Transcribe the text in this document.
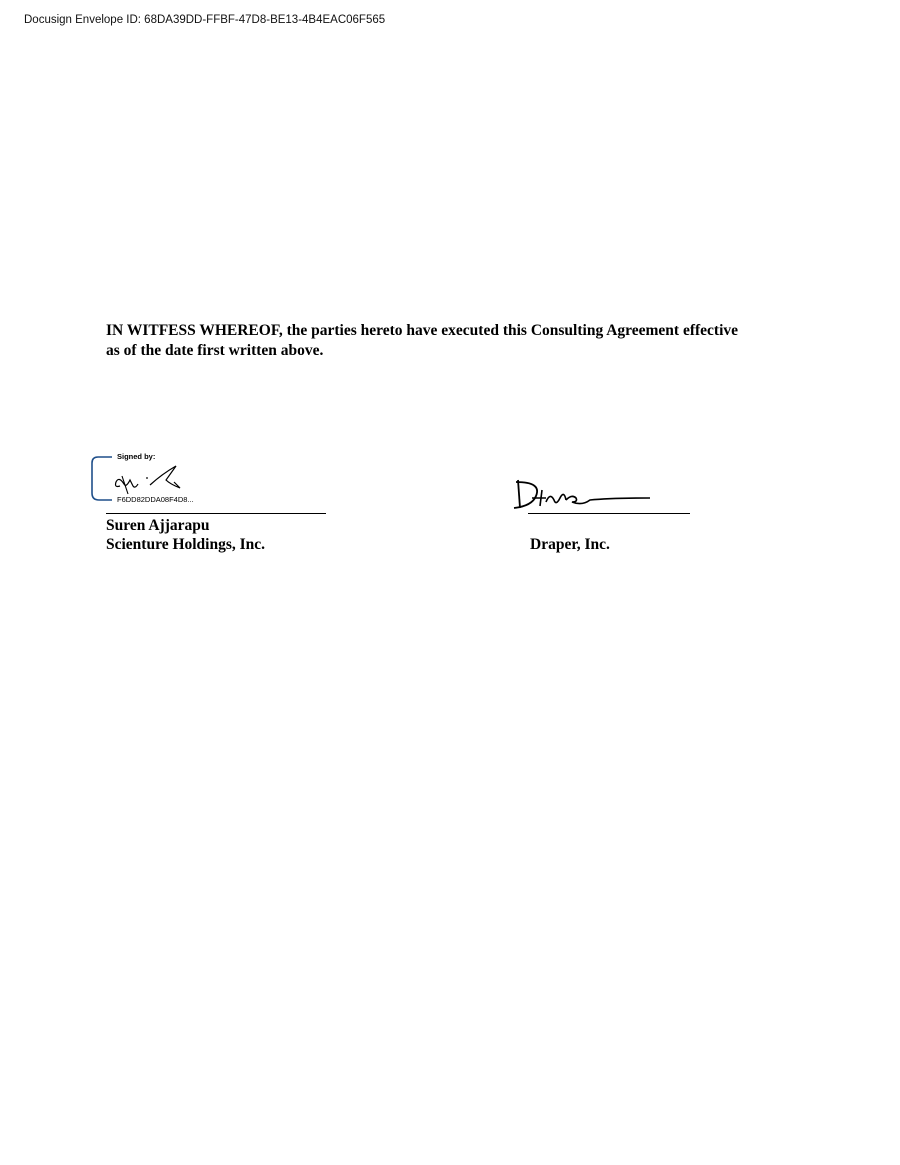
Docusign Envelope ID: 68DA39DD-FFBF-47D8-BE13-4B4EAC06F565
IN WITFESS WHEREOF, the parties hereto have executed this Consulting Agreement effective
as of the date first written above.
Signed by:
F6DD82DDA08F4D8...
Suren Ajjarapu
Scienture Holdings, Inc.	Draper, Inc.
